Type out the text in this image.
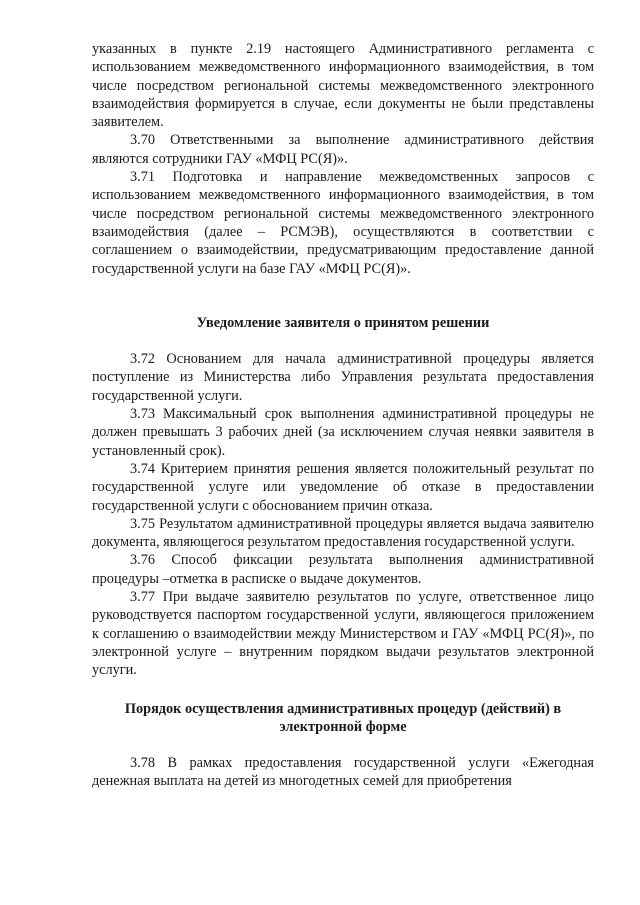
указанных в пункте 2.19 настоящего Административного регламента с использованием межведомственного информационного взаимодействия, в том числе посредством региональной системы межведомственного электронного взаимодействия формируется в случае, если документы не были представлены заявителем.

3.70 Ответственными за выполнение административного действия являются сотрудники ГАУ «МФЦ РС(Я)».

3.71 Подготовка и направление межведомственных запросов с использованием межведомственного информационного взаимодействия, в том числе посредством региональной системы межведомственного электронного взаимодействия (далее – РСМЭВ), осуществляются в соответствии с соглашением о взаимодействии, предусматривающим предоставление данной государственной услуги на базе ГАУ «МФЦ РС(Я)».

Уведомление заявителя о принятом решении

3.72 Основанием для начала административной процедуры является поступление из Министерства либо Управления результата предоставления государственной услуги.

3.73 Максимальный срок выполнения административной процедуры не должен превышать 3 рабочих дней (за исключением случая неявки заявителя в установленный срок).

3.74 Критерием принятия решения является положительный результат по государственной услуге или уведомление об отказе в предоставлении государственной услуги с обоснованием причин отказа.

3.75 Результатом административной процедуры является выдача заявителю документа, являющегося результатом предоставления государственной услуги.

3.76 Способ фиксации результата выполнения административной процедуры –отметка в расписке о выдаче документов.

3.77 При выдаче заявителю результатов по услуге, ответственное лицо руководствуется паспортом государственной услуги, являющегося приложением к соглашению о взаимодействии между Министерством и ГАУ «МФЦ РС(Я)», по электронной услуге – внутренним порядком выдачи результатов электронной услуги.

Порядок осуществления административных процедур (действий) в
электронной форме

3.78 В рамках предоставления государственной услуги «Ежегодная денежная выплата на детей из многодетных семей для приобретения
